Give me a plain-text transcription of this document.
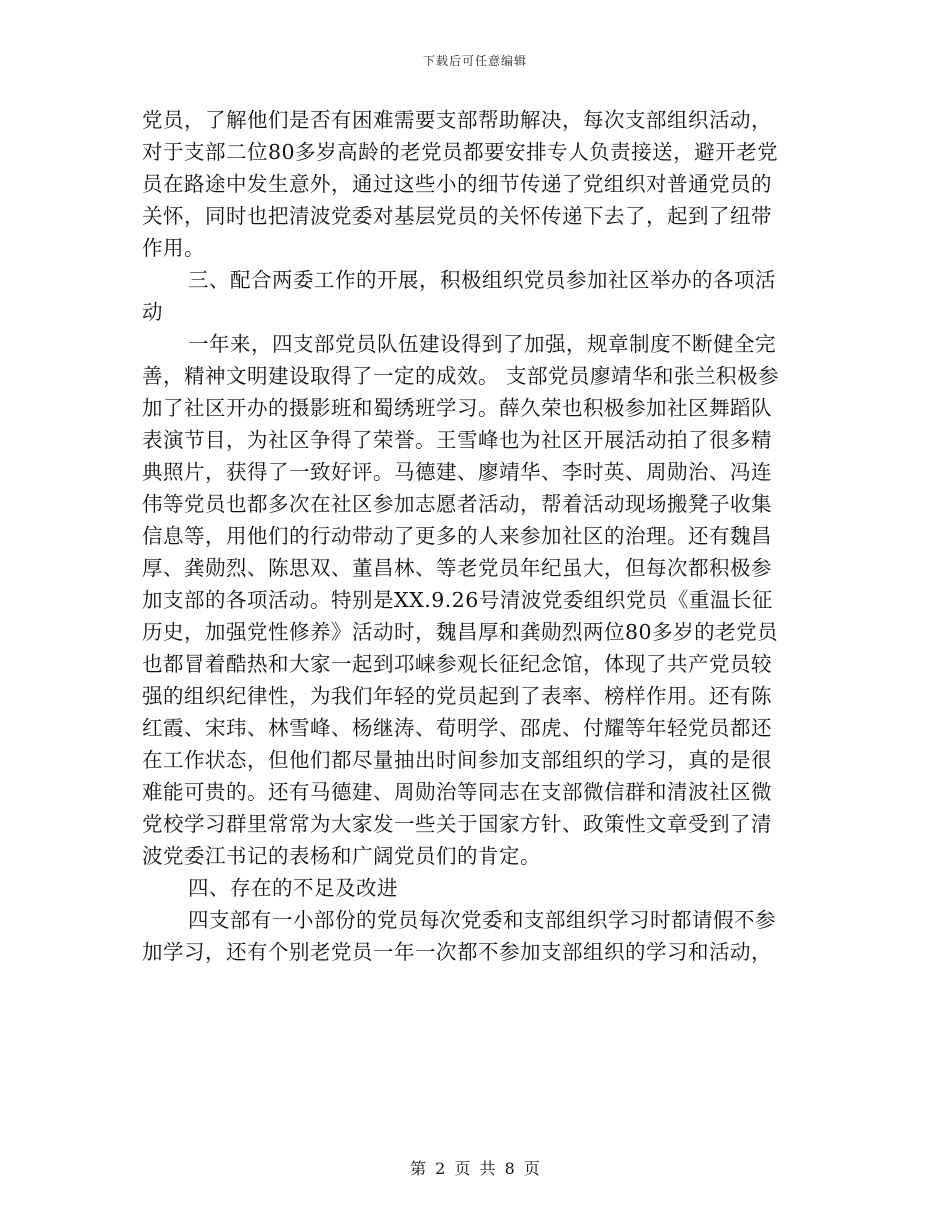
下载后可任意编辑
党员，了解他们是否有困难需要支部帮助解决，每次支部组织活动，
对于支部二位80多岁高龄的老党员都要安排专人负责接送，避开老党
员在路途中发生意外，通过这些小的细节传递了党组织对普通党员的
关怀，同时也把清波党委对基层党员的关怀传递下去了，起到了纽带
作用。
三、配合两委工作的开展，积极组织党员参加社区举办的各项活
动
一年来，四支部党员队伍建设得到了加强，规章制度不断健全完
善，精神文明建设取得了一定的成效。 支部党员廖靖华和张兰积极参
加了社区开办的摄影班和蜀绣班学习。薛久荣也积极参加社区舞蹈队
表演节目，为社区争得了荣誉。王雪峰也为社区开展活动拍了很多精
典照片，获得了一致好评。马德建、廖靖华、李时英、周勋治、冯连
伟等党员也都多次在社区参加志愿者活动，帮着活动现场搬凳子收集
信息等，用他们的行动带动了更多的人来参加社区的治理。还有魏昌
厚、龚勋烈、陈思双、董昌林、等老党员年纪虽大，但每次都积极参
加支部的各项活动。特别是XX.9.26号清波党委组织党员《重温长征
历史，加强党性修养》活动时，魏昌厚和龚勋烈两位80多岁的老党员
也都冒着酷热和大家一起到邛崃参观长征纪念馆，体现了共产党员较
强的组织纪律性，为我们年轻的党员起到了表率、榜样作用。还有陈
红霞、宋玮、林雪峰、杨继涛、荀明学、邵虎、付耀等年轻党员都还
在工作状态，但他们都尽量抽出时间参加支部组织的学习，真的是很
难能可贵的。还有马德建、周勋治等同志在支部微信群和清波社区微
党校学习群里常常为大家发一些关于国家方针、政策性文章受到了清
波党委江书记的表杨和广阔党员们的肯定。
四、存在的不足及改进
四支部有一小部份的党员每次党委和支部组织学习时都请假不参
加学习，还有个别老党员一年一次都不参加支部组织的学习和活动，
第 2 页 共 8 页
